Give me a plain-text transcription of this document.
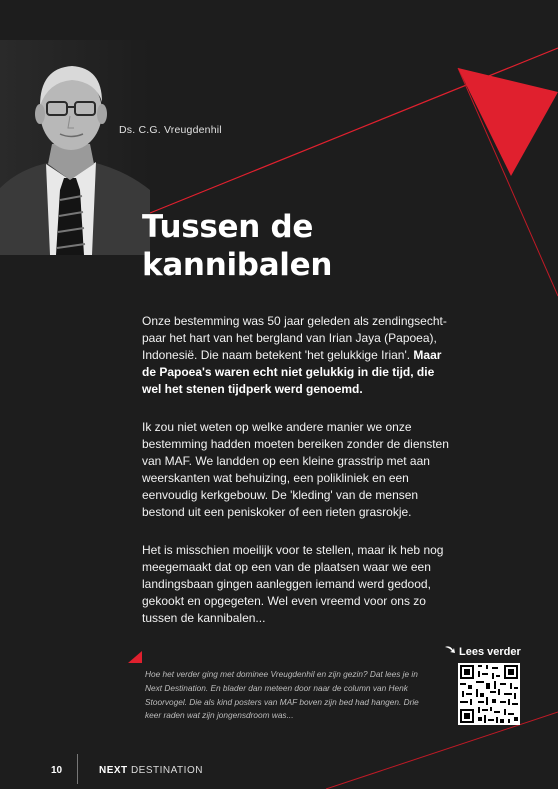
Ds. C.G. Vreugdenhil
Tussen de
kannibalen

Onze bestemming was 50 jaar geleden als zendingsechtpaar het hart van het bergland van Irian Jaya (Papoea), Indonesië. Die naam betekent 'het gelukkige Irian'. Maar de Papoea's waren echt niet gelukkig in die tijd, die wel het stenen tijdperk werd genoemd.

Ik zou niet weten op welke andere manier we onze bestemming hadden moeten bereiken zonder de diensten van MAF. We landden op een kleine grasstrip met aan weerskanten wat behuizing, een polikliniek en een eenvoudig kerkgebouw. De 'kleding' van de mensen bestond uit een peniskoker of een rieten grasrokje.

Het is misschien moeilijk voor te stellen, maar ik heb nog meegemaakt dat op een van de plaatsen waar we een landingsbaan gingen aanleggen iemand werd gedood, gekookt en opgegeten. Wel even vreemd voor ons zo tussen de kannibalen...

Hoe het verder ging met dominee Vreugdenhil en zijn gezin? Dat lees je in Next Destination. En blader dan meteen door naar de column van Henk Stoorvogel. Die als kind posters van MAF boven zijn bed had hangen. Drie keer raden wat zijn jongensdroom was...

Lees verder
10	NEXT DESTINATION
